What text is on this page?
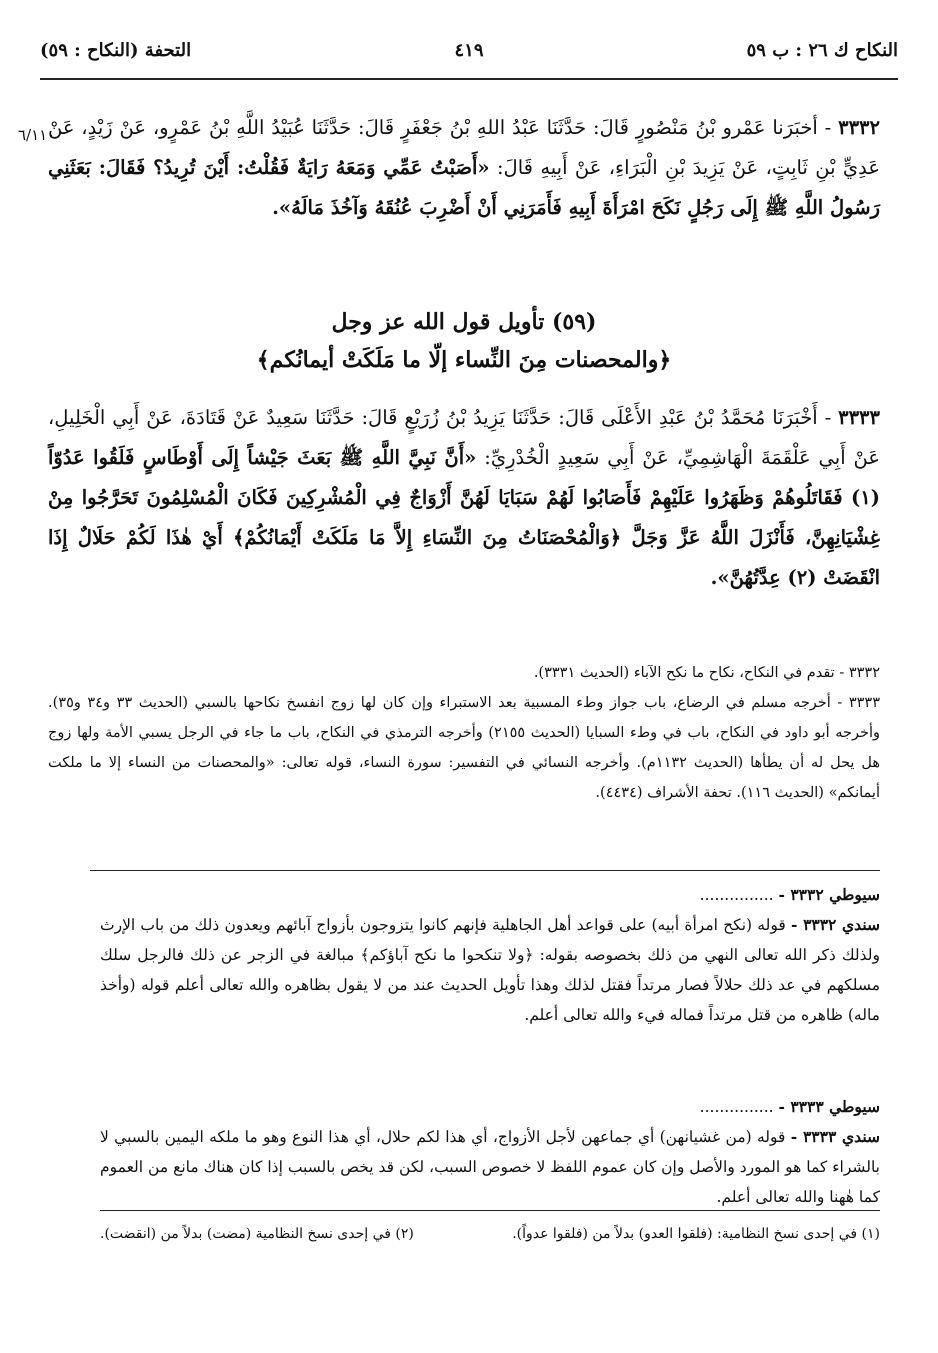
النكاح ك ٢٦ : ب ٥٩
٤١٩
التحفة (النكاح : ٥٩)
٦/١١٠	٣٣٣٢ - أخبَرَنا عَمْرو بْنُ مَنْصُورٍ قَالَ: حَدَّثَنَا عَبْدُ اللهِ بْنُ جَعْفَرٍ قَالَ: حَدَّثَنَا عُبَيْدُ اللَّهِ بْنُ عَمْرٍو، عَنْ زَيْدٍ، عَنْ عَدِيٍّ بْنِ ثَابِتٍ، عَنْ يَزِيدَ بْنِ الْبَرَاءِ، عَنْ أَبِيهِ قَالَ: «أَصَبْتُ عَمِّي وَمَعَهُ رَايَةٌ فَقُلْتُ: أَيْنَ تُرِيدُ؟ فَقَالَ: بَعَثَنِي رَسُولُ اللَّهِ ﷺ إِلَى رَجُلٍ نَكَحَ امْرَأَةَ أَبِيهِ فَأَمَرَنِي أَنْ أَضْرِبَ عُنُقَهُ وَآخُذَ مَالَهُ».
(٥٩) تأويل قول الله عز وجل
﴿والمحصنات مِنَ النِّساء إلّا ما مَلَكَتْ أيمانُكم﴾
٣٣٣٣ - أَخْبَرَنَا مُحَمَّدُ بْنُ عَبْدِ الأَعْلَى قَالَ: حَدَّثَنَا يَزِيدُ بْنُ زُرَيْعٍ قَالَ: حَدَّثَنَا سَعِيدٌ عَنْ قَتَادَةَ، عَنْ أَبِي الْخَلِيلِ، عَنْ أَبِي عَلْقَمَةَ الْهَاشِمِيِّ، عَنْ أَبِي سَعِيدٍ الْخُدْرِيِّ: «أَنَّ نَبِيَّ اللَّهِ ﷺ بَعَثَ جَيْشاً إِلَى أَوْطَاسٍ فَلَقُوا عَدُوّاً (١) فَقَاتَلُوهُمْ وَظَهَرُوا عَلَيْهِمْ فَأَصَابُوا لَهُمْ سَبَايَا لَهُنَّ أَزْوَاجٌ فِي الْمُشْرِكِينَ فَكَانَ الْمُسْلِمُونَ تَحَرَّجُوا مِنْ غِشْيَانِهِنَّ، فَأَنْزَلَ اللَّهُ عَزَّ وَجَلَّ ﴿وَالْمُحْصَنَاتُ مِنَ النِّسَاءِ إِلاَّ مَا مَلَكَتْ أَيْمَانُكُمْ﴾ أَيْ هٰذَا لَكُمْ حَلَالٌ إِذَا انْقَضَتْ (٢) عِدَّتُهُنَّ».

٣٣٣٢ - تقدم في النكاح، نكاح ما نكح الآباء (الحديث ٣٣٣١).

٣٣٣٣ - أخرجه مسلم في الرضاع، باب جواز وطء المسبية بعد الاستبراء وإن كان لها زوج انفسخ نكاحها بالسبي (الحديث ٣٣ و٣٤ و٣٥). وأخرجه أبو داود في النكاح، باب في وطء السبايا (الحديث ٢١٥٥) وأخرجه الترمذي في النكاح، باب ما جاء في الرجل يسبي الأمة ولها زوج هل يحل له أن يطأها (الحديث ١١٣٢م). وأخرجه النسائي في التفسير: سورة النساء، قوله تعالى: «والمحصنات من النساء إلا ما ملكت أيمانكم» (الحديث ١١٦). تحفة الأشراف (٤٤٣٤).

سيوطي ٣٣٣٢ - ...............

سندي ٣٣٣٢ - قوله (نكح امرأة أبيه) على قواعد أهل الجاهلية فإنهم كانوا يتزوجون بأزواج آبائهم ويعدون ذلك من باب الإرث ولذلك ذكر الله تعالى النهي من ذلك بخصوصه بقوله: ﴿ولا تنكحوا ما نكح آباؤكم﴾ مبالغة في الزجر عن ذلك فالرجل سلك مسلكهم في عد ذلك حلالاً فصار مرتداً فقتل لذلك وهذا تأويل الحديث عند من لا يقول بظاهره والله تعالى أعلم قوله (وأخذ ماله) ظاهره من قتل مرتداً فماله فيء والله تعالى أعلم.

سيوطي ٣٣٣٣ - ...............

سندي ٣٣٣٣ - قوله (من غشيانهن) أي جماعهن لأجل الأزواج، أي هذا لكم حلال، أي هذا النوع وهو ما ملكه اليمين بالسبي لا بالشراء كما هو المورد والأصل وإن كان عموم اللفظ لا خصوص السبب، لكن قد يخص بالسبب إذا كان هناك مانع من العموم كما هٰهنا والله تعالى أعلم.

(١) في إحدى نسخ النظامية: (فلقوا العدو) بدلاً من (فلقوا عدواً).
(٢) في إحدى نسخ النظامية (مضت) بدلاً من (انقضت).
